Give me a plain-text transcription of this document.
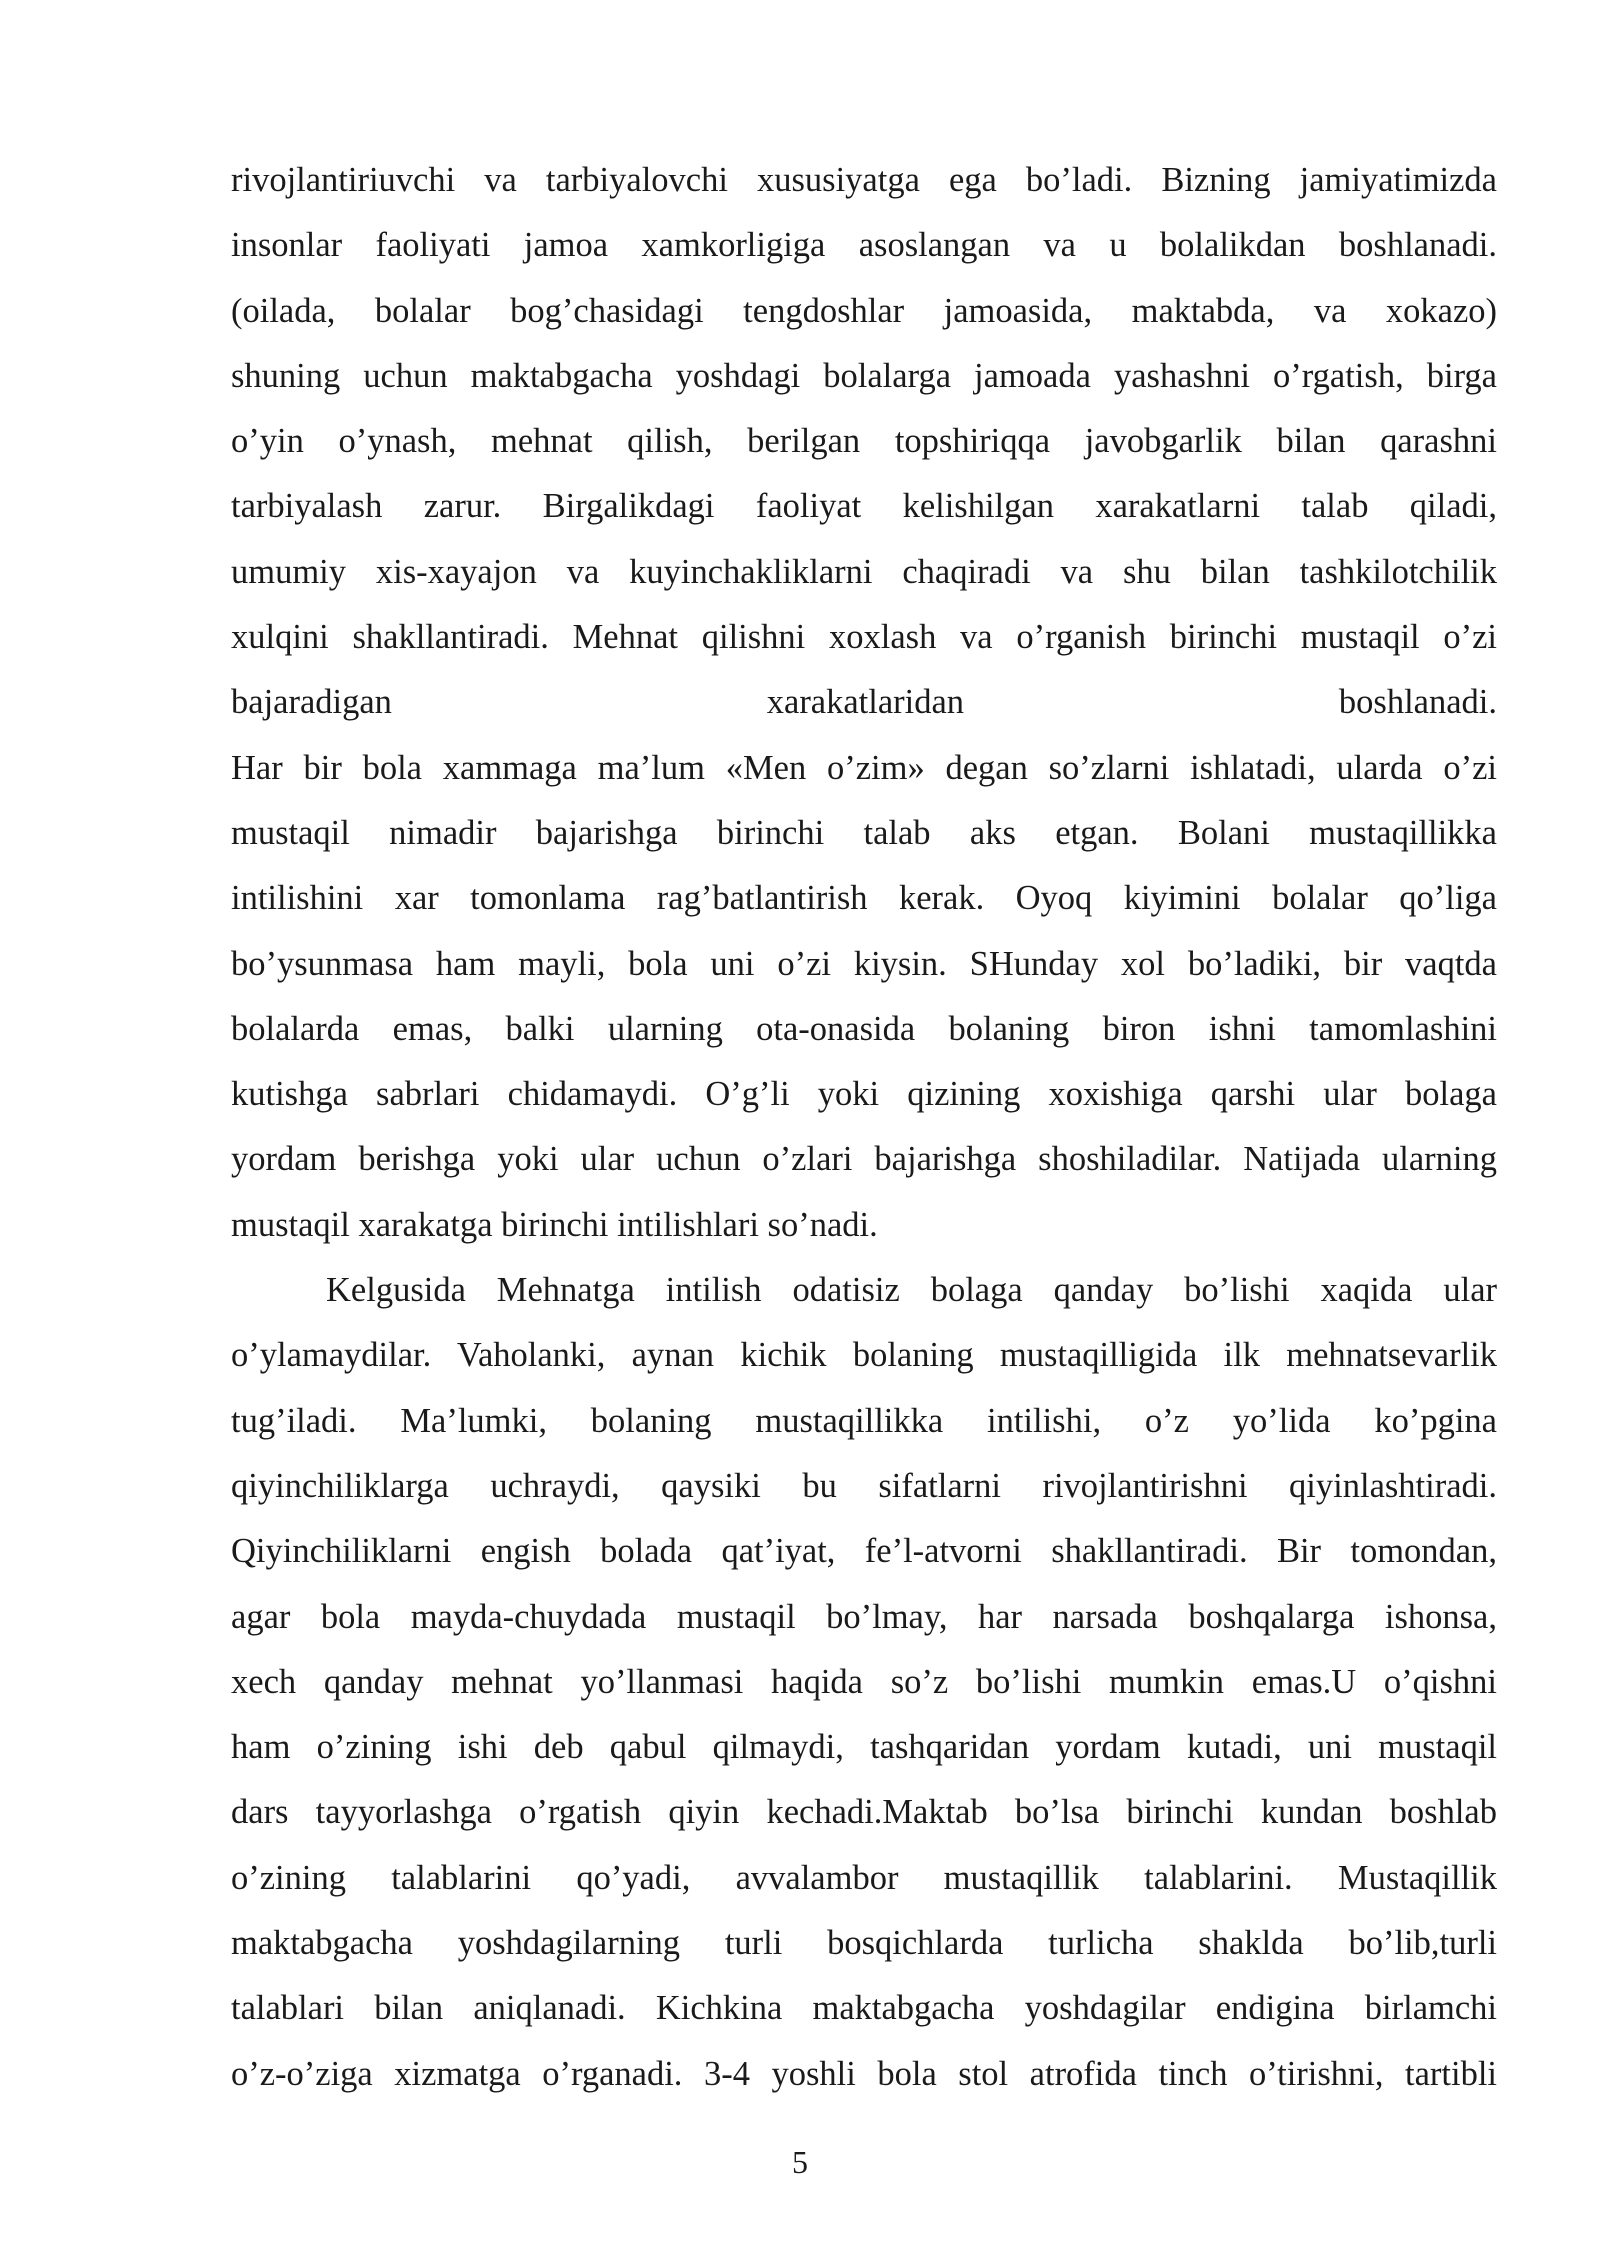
rivojlantiriuvchi va tarbiyalovchi xususiyatga ega bo’ladi. Bizning jamiyatimizda
insonlar faoliyati jamoa xamkorligiga asoslangan va u bolalikdan boshlanadi.
(oilada, bolalar bog’chasidagi tengdoshlar jamoasida, maktabda, va xokazo)
shuning uchun maktabgacha yoshdagi bolalarga jamoada yashashni o’rgatish, birga
o’yin o’ynash, mehnat qilish, berilgan topshiriqqa javobgarlik bilan qarashni
tarbiyalash zarur. Birgalikdagi faoliyat kelishilgan xarakatlarni talab qiladi,
umumiy xis-xayajon va kuyinchakliklarni chaqiradi va shu bilan tashkilotchilik
xulqini shakllantiradi. Mehnat qilishni xoxlash va o’rganish birinchi mustaqil o’zi
bajaradigan xarakatlaridan boshlanadi.
Har bir bola xammaga ma’lum «Men o’zim» degan so’zlarni ishlatadi, ularda o’zi
mustaqil nimadir bajarishga birinchi talab aks etgan. Bolani mustaqillikka
intilishini xar tomonlama rag’batlantirish kerak. Oyoq kiyimini bolalar qo’liga
bo’ysunmasa ham mayli, bola uni o’zi kiysin. SHunday xol bo’ladiki, bir vaqtda
bolalarda emas, balki ularning ota-onasida bolaning biron ishni tamomlashini
kutishga sabrlari chidamaydi. O’g’li yoki qizining xoxishiga qarshi ular bolaga
yordam berishga yoki ular uchun o’zlari bajarishga shoshiladilar. Natijada ularning
mustaqil xarakatga birinchi intilishlari so’nadi.
Kelgusida Mehnatga intilish odatisiz bolaga qanday bo’lishi xaqida ular
o’ylamaydilar. Vaholanki, aynan kichik bolaning mustaqilligida ilk mehnatsevarlik
tug’iladi. Ma’lumki, bolaning mustaqillikka intilishi, o’z yo’lida ko’pgina
qiyinchiliklarga uchraydi, qaysiki bu sifatlarni rivojlantirishni qiyinlashtiradi.
Qiyinchiliklarni engish bolada qat’iyat, fe’l-atvorni shakllantiradi. Bir tomondan,
agar bola mayda-chuydada mustaqil bo’lmay, har narsada boshqalarga ishonsa,
xech qanday mehnat yo’llanmasi haqida so’z bo’lishi mumkin emas.U o’qishni
ham o’zining ishi deb qabul qilmaydi, tashqaridan yordam kutadi, uni mustaqil
dars tayyorlashga o’rgatish qiyin kechadi.Maktab bo’lsa birinchi kundan boshlab
o’zining talablarini qo’yadi, avvalambor mustaqillik talablarini. Mustaqillik
maktabgacha yoshdagilarning turli bosqichlarda turlicha shaklda bo’lib,turli
talablari bilan aniqlanadi. Kichkina maktabgacha yoshdagilar endigina birlamchi
o’z-o’ziga xizmatga o’rganadi. 3-4 yoshli bola stol atrofida tinch o’tirishni, tartibli
5
